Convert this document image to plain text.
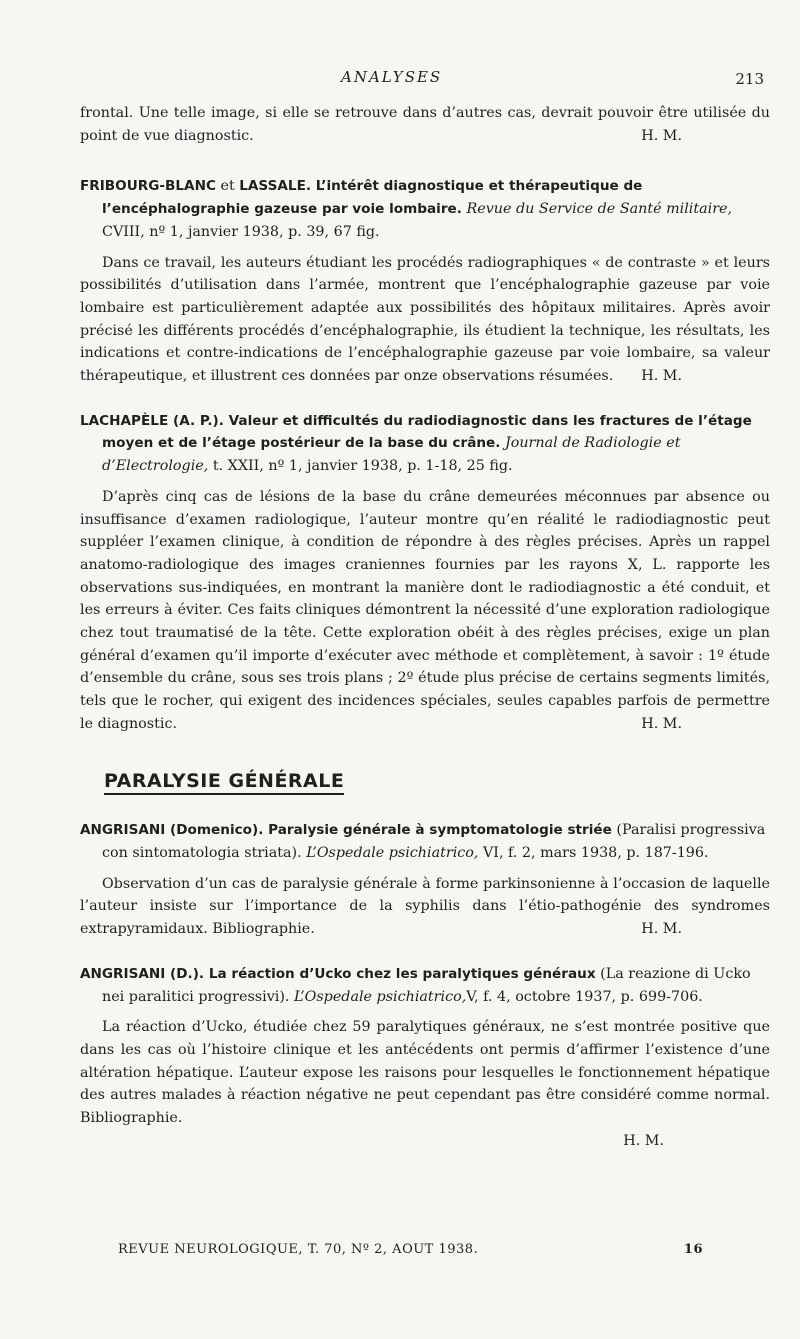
ANALYSES	213

frontal. Une telle image, si elle se retrouve dans d’autres cas, devrait pouvoir être utilisée du point de vue diagnostic.	H. M.

FRIBOURG-BLANC et LASSALE. L’intérêt diagnostique et thérapeutique de l’encéphalographie gazeuse par voie lombaire. Revue du Service de Santé militaire, CVIII, nº 1, janvier 1938, p. 39, 67 fig.

Dans ce travail, les auteurs étudiant les procédés radiographiques « de contraste » et leurs possibilités d’utilisation dans l’armée, montrent que l’encéphalographie gazeuse par voie lombaire est particulièrement adaptée aux possibilités des hôpitaux militaires. Après avoir précisé les différents procédés d’encéphalographie, ils étudient la technique, les résultats, les indications et contre-indications de l’encéphalographie gazeuse par voie lombaire, sa valeur thérapeutique, et illustrent ces données par onze observations résumées.	H. M.

LACHAPÈLE (A. P.). Valeur et difficultés du radiodiagnostic dans les fractures de l’étage moyen et de l’étage postérieur de la base du crâne. Journal de Radiologie et d’Electrologie, t. XXII, nº 1, janvier 1938, p. 1-18, 25 fig.

D’après cinq cas de lésions de la base du crâne demeurées méconnues par absence ou insuffisance d’examen radiologique, l’auteur montre qu’en réalité le radiodiagnostic peut suppléer l’examen clinique, à condition de répondre à des règles précises. Après un rappel anatomo-radiologique des images craniennes fournies par les rayons X, L. rapporte les observations sus-indiquées, en montrant la manière dont le radiodiagnostic a été conduit, et les erreurs à éviter. Ces faits cliniques démontrent la nécessité d’une exploration radiologique chez tout traumatisé de la tête. Cette exploration obéit à des règles précises, exige un plan général d’examen qu’il importe d’exécuter avec méthode et complètement, à savoir : 1º étude d’ensemble du crâne, sous ses trois plans ; 2º étude plus précise de certains segments limités, tels que le rocher, qui exigent des incidences spéciales, seules capables parfois de permettre le diagnostic.	H. M.

PARALYSIE GÉNÉRALE

ANGRISANI (Domenico). Paralysie générale à symptomatologie striée (Paralisi progressiva con sintomatologia striata). L’Ospedale psichiatrico, VI, f. 2, mars 1938, p. 187-196.

Observation d’un cas de paralysie générale à forme parkinsonienne à l’occasion de laquelle l’auteur insiste sur l’importance de la syphilis dans l’étio-pathogénie des syndromes extrapyramidaux. Bibliographie.	H. M.

ANGRISANI (D.). La réaction d’Ucko chez les paralytiques généraux (La reazione di Ucko nei paralitici progressivi). L’Ospedale psichiatrico,V, f. 4, octobre 1937, p. 699-706.

La réaction d’Ucko, étudiée chez 59 paralytiques généraux, ne s’est montrée positive que dans les cas où l’histoire clinique et les antécédents ont permis d’affirmer l’existence d’une altération hépatique. L’auteur expose les raisons pour lesquelles le fonctionnement hépatique des autres malades à réaction négative ne peut cependant pas être considéré comme normal. Bibliographie.

H. M.

REVUE NEUROLOGIQUE, T. 70, Nº 2, AOUT 1938.	16
